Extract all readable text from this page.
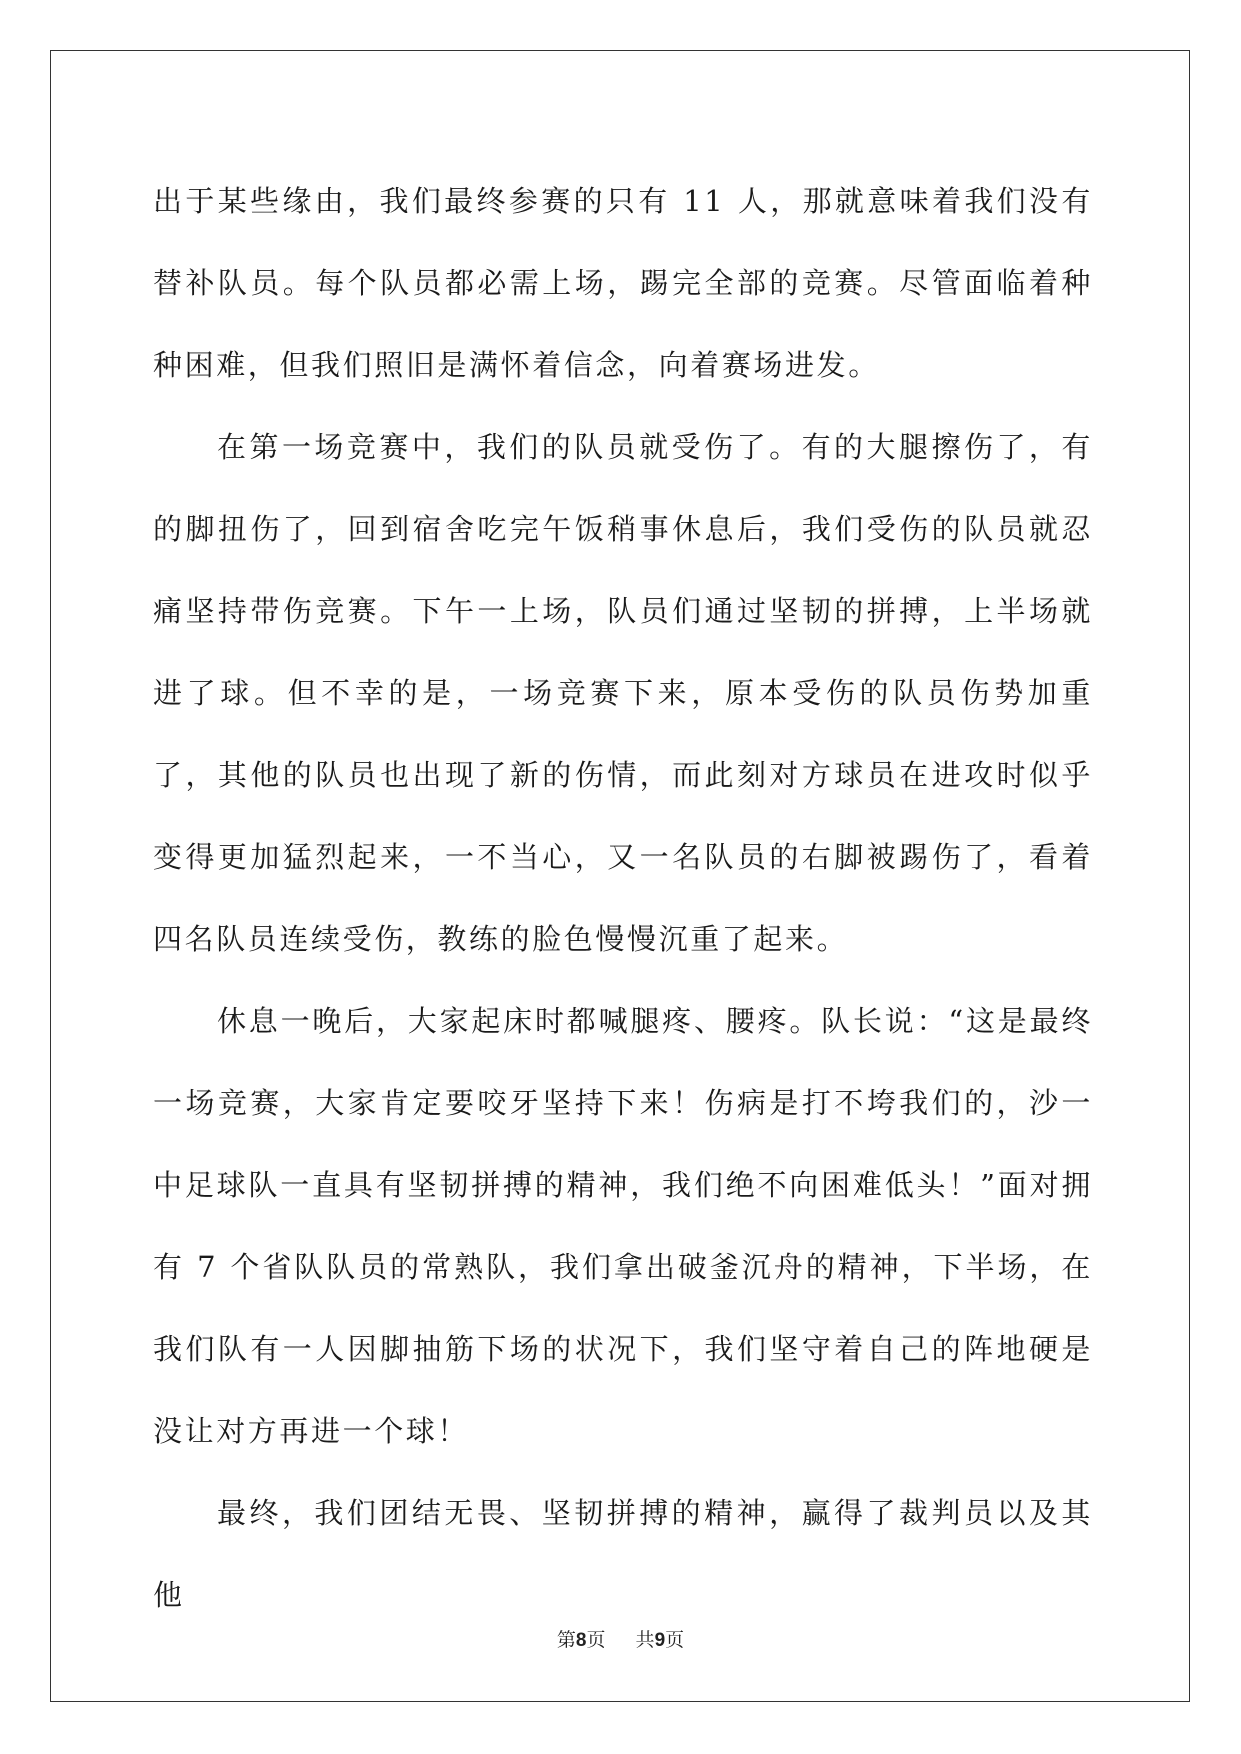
出于某些缘由，我们最终参赛的只有 11 人，那就意味着我们没有替补队员。每个队员都必需上场，踢完全部的竞赛。尽管面临着种种困难，但我们照旧是满怀着信念，向着赛场进发。

在第一场竞赛中，我们的队员就受伤了。有的大腿擦伤了，有的脚扭伤了，回到宿舍吃完午饭稍事休息后，我们受伤的队员就忍痛坚持带伤竞赛。下午一上场，队员们通过坚韧的拼搏，上半场就进了球。但不幸的是，一场竞赛下来，原本受伤的队员伤势加重了，其他的队员也出现了新的伤情，而此刻对方球员在进攻时似乎变得更加猛烈起来，一不当心，又一名队员的右脚被踢伤了，看着四名队员连续受伤，教练的脸色慢慢沉重了起来。

休息一晚后，大家起床时都喊腿疼、腰疼。队长说：“这是最终一场竞赛，大家肯定要咬牙坚持下来！伤病是打不垮我们的，沙一中足球队一直具有坚韧拼搏的精神，我们绝不向困难低头！”面对拥有 7 个省队队员的常熟队，我们拿出破釜沉舟的精神，下半场，在我们队有一人因脚抽筋下场的状况下，我们坚守着自己的阵地硬是没让对方再进一个球！

最终，我们团结无畏、坚韧拼搏的精神，赢得了裁判员以及其他

第8页 共9页
